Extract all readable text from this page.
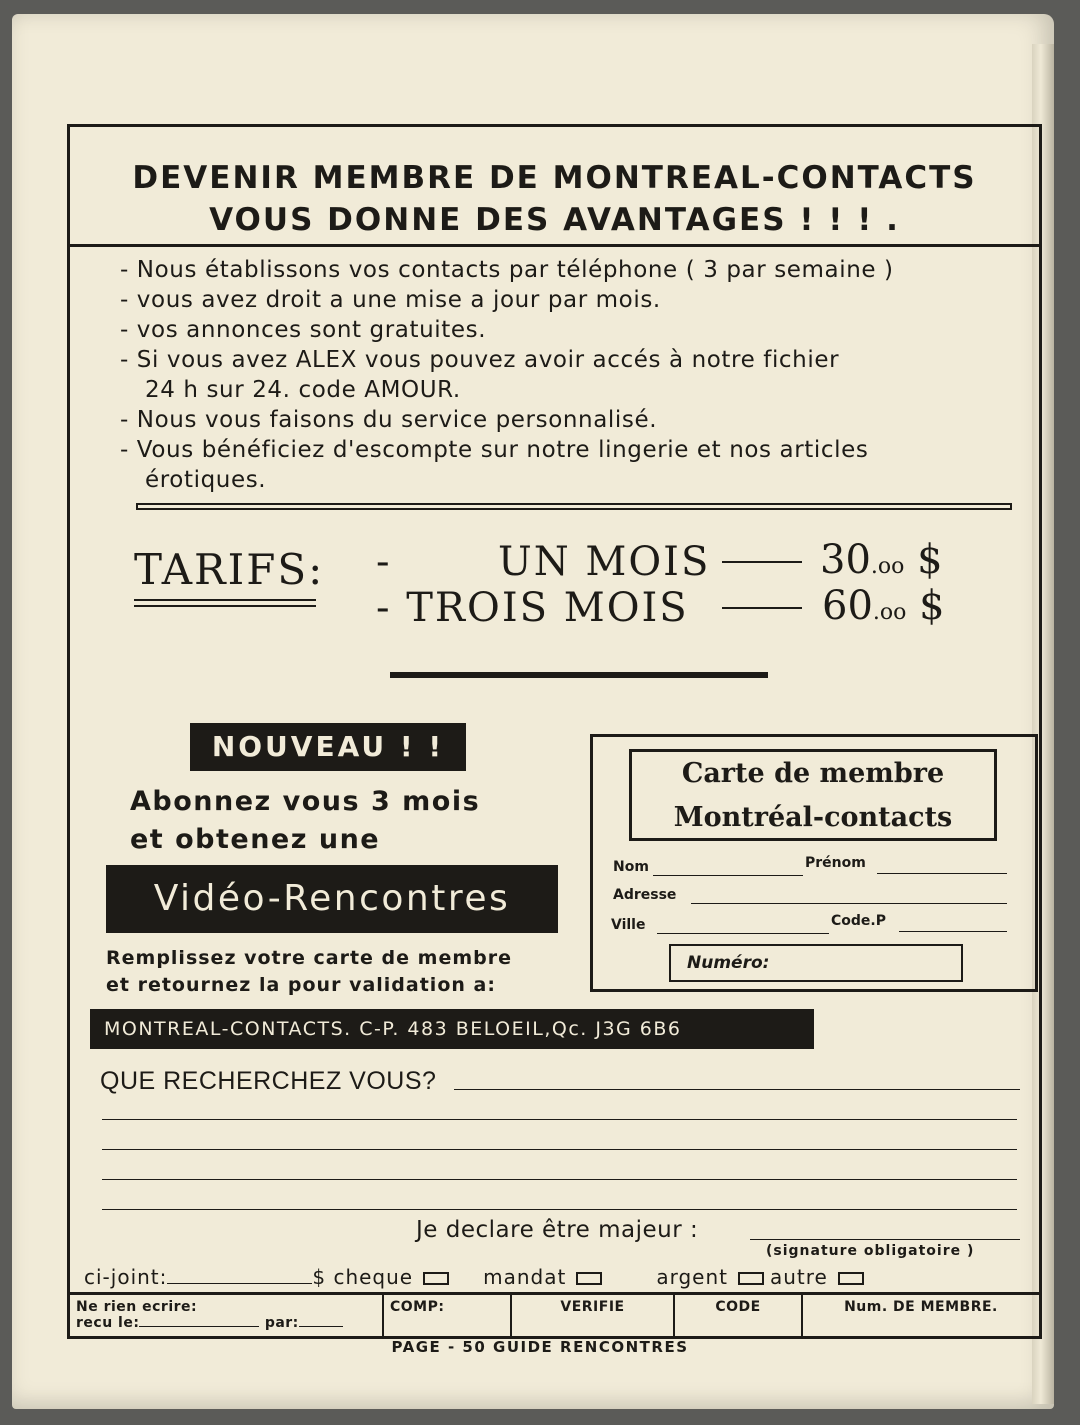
DEVENIR MEMBRE DE MONTREAL-CONTACTS
VOUS DONNE DES AVANTAGES ! ! ! .
- Nous établissons vos contacts par téléphone ( 3 par semaine )
- vous avez droit a une mise a jour par mois.
- vos annonces sont gratuites.
- Si vous avez ALEX vous pouvez avoir accés à notre fichier
24 h sur 24. code AMOUR.
- Nous vous faisons du service personnalisé.
- Vous bénéficiez d'escompte sur notre lingerie et nos articles
érotiques.
TARIFS: -	UN MOIS	30.oo $
- TROIS MOIS	60.oo $
NOUVEAU ! !
Abonnez vous 3 mois
et obtenez une
Vidéo-Rencontres
Remplissez votre carte de membre
et retournez la pour validation a:
Carte de membre
Montréal-contacts
Nom	Prénom
Adresse
Ville	Code.P
Numéro:
MONTREAL-CONTACTS. C-P. 483 BELOEIL,Qc. J3G 6B6
QUE RECHERCHEZ VOUS?
Je declare être majeur :
(signature obligatoire )
ci-joint:	$ cheque	mandat	argent autre
Ne rien ecrire:
recu le:	par:
COMP:	VERIFIE	CODE	Num. DE MEMBRE.
PAGE - 50 GUIDE RENCONTRES
